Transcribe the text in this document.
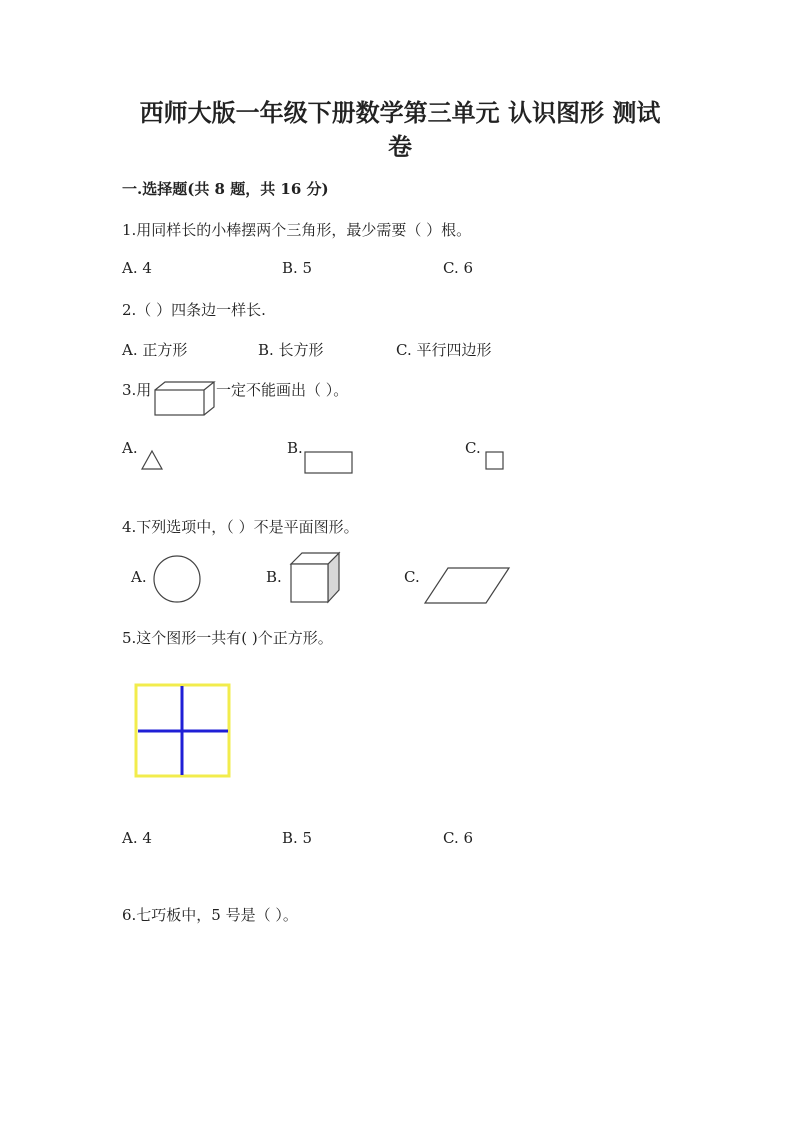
西师大版一年级下册数学第三单元 认识图形 测试
卷
一.选择题(共 8 题，共 16 分)
1.用同样长的小棒摆两个三角形，最少需要（ ）根。
A. 4	B. 5	C. 6
2.（ ）四条边一样长.
A. 正方形	B. 长方形	C. 平行四边形
3.用	一定不能画出（ ）。
A.	B.	C.
4.下列选项中，（ ）不是平面图形。
A.	B.	C.
5.这个图形一共有( )个正方形。
A. 4	B. 5	C. 6
6.七巧板中，5 号是（ ）。
